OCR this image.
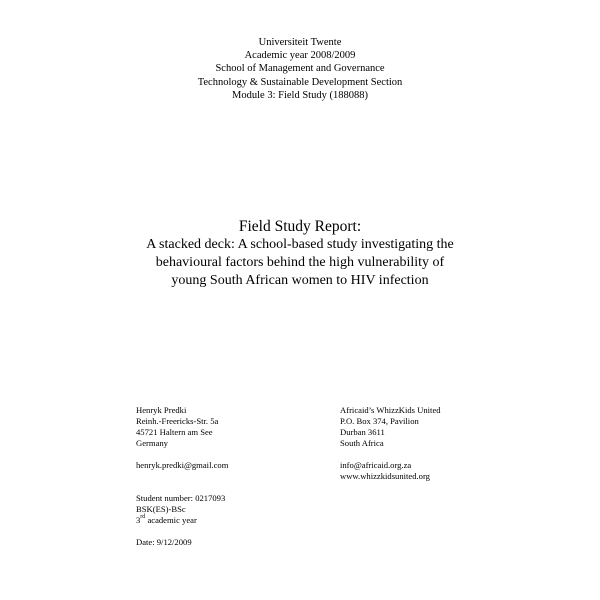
Universiteit Twente
Academic year 2008/2009
School of Management and Governance
Technology & Sustainable Development Section
Module 3: Field Study (188088)
Field Study Report:
A stacked deck: A school-based study investigating the
behavioural factors behind the high vulnerability of
young South African women to HIV infection
Henryk Predki
Reinh.-Freericks-Str. 5a
45721 Haltern am See
Germany
henryk.predki@gmail.com
Student number: 0217093
BSK(ES)-BSc
3rd academic year
Date: 9/12/2009
Africaid’s WhizzKids United
P.O. Box 374, Pavilion
Durban 3611
South Africa
info@africaid.org.za
www.whizzkidsunited.org
